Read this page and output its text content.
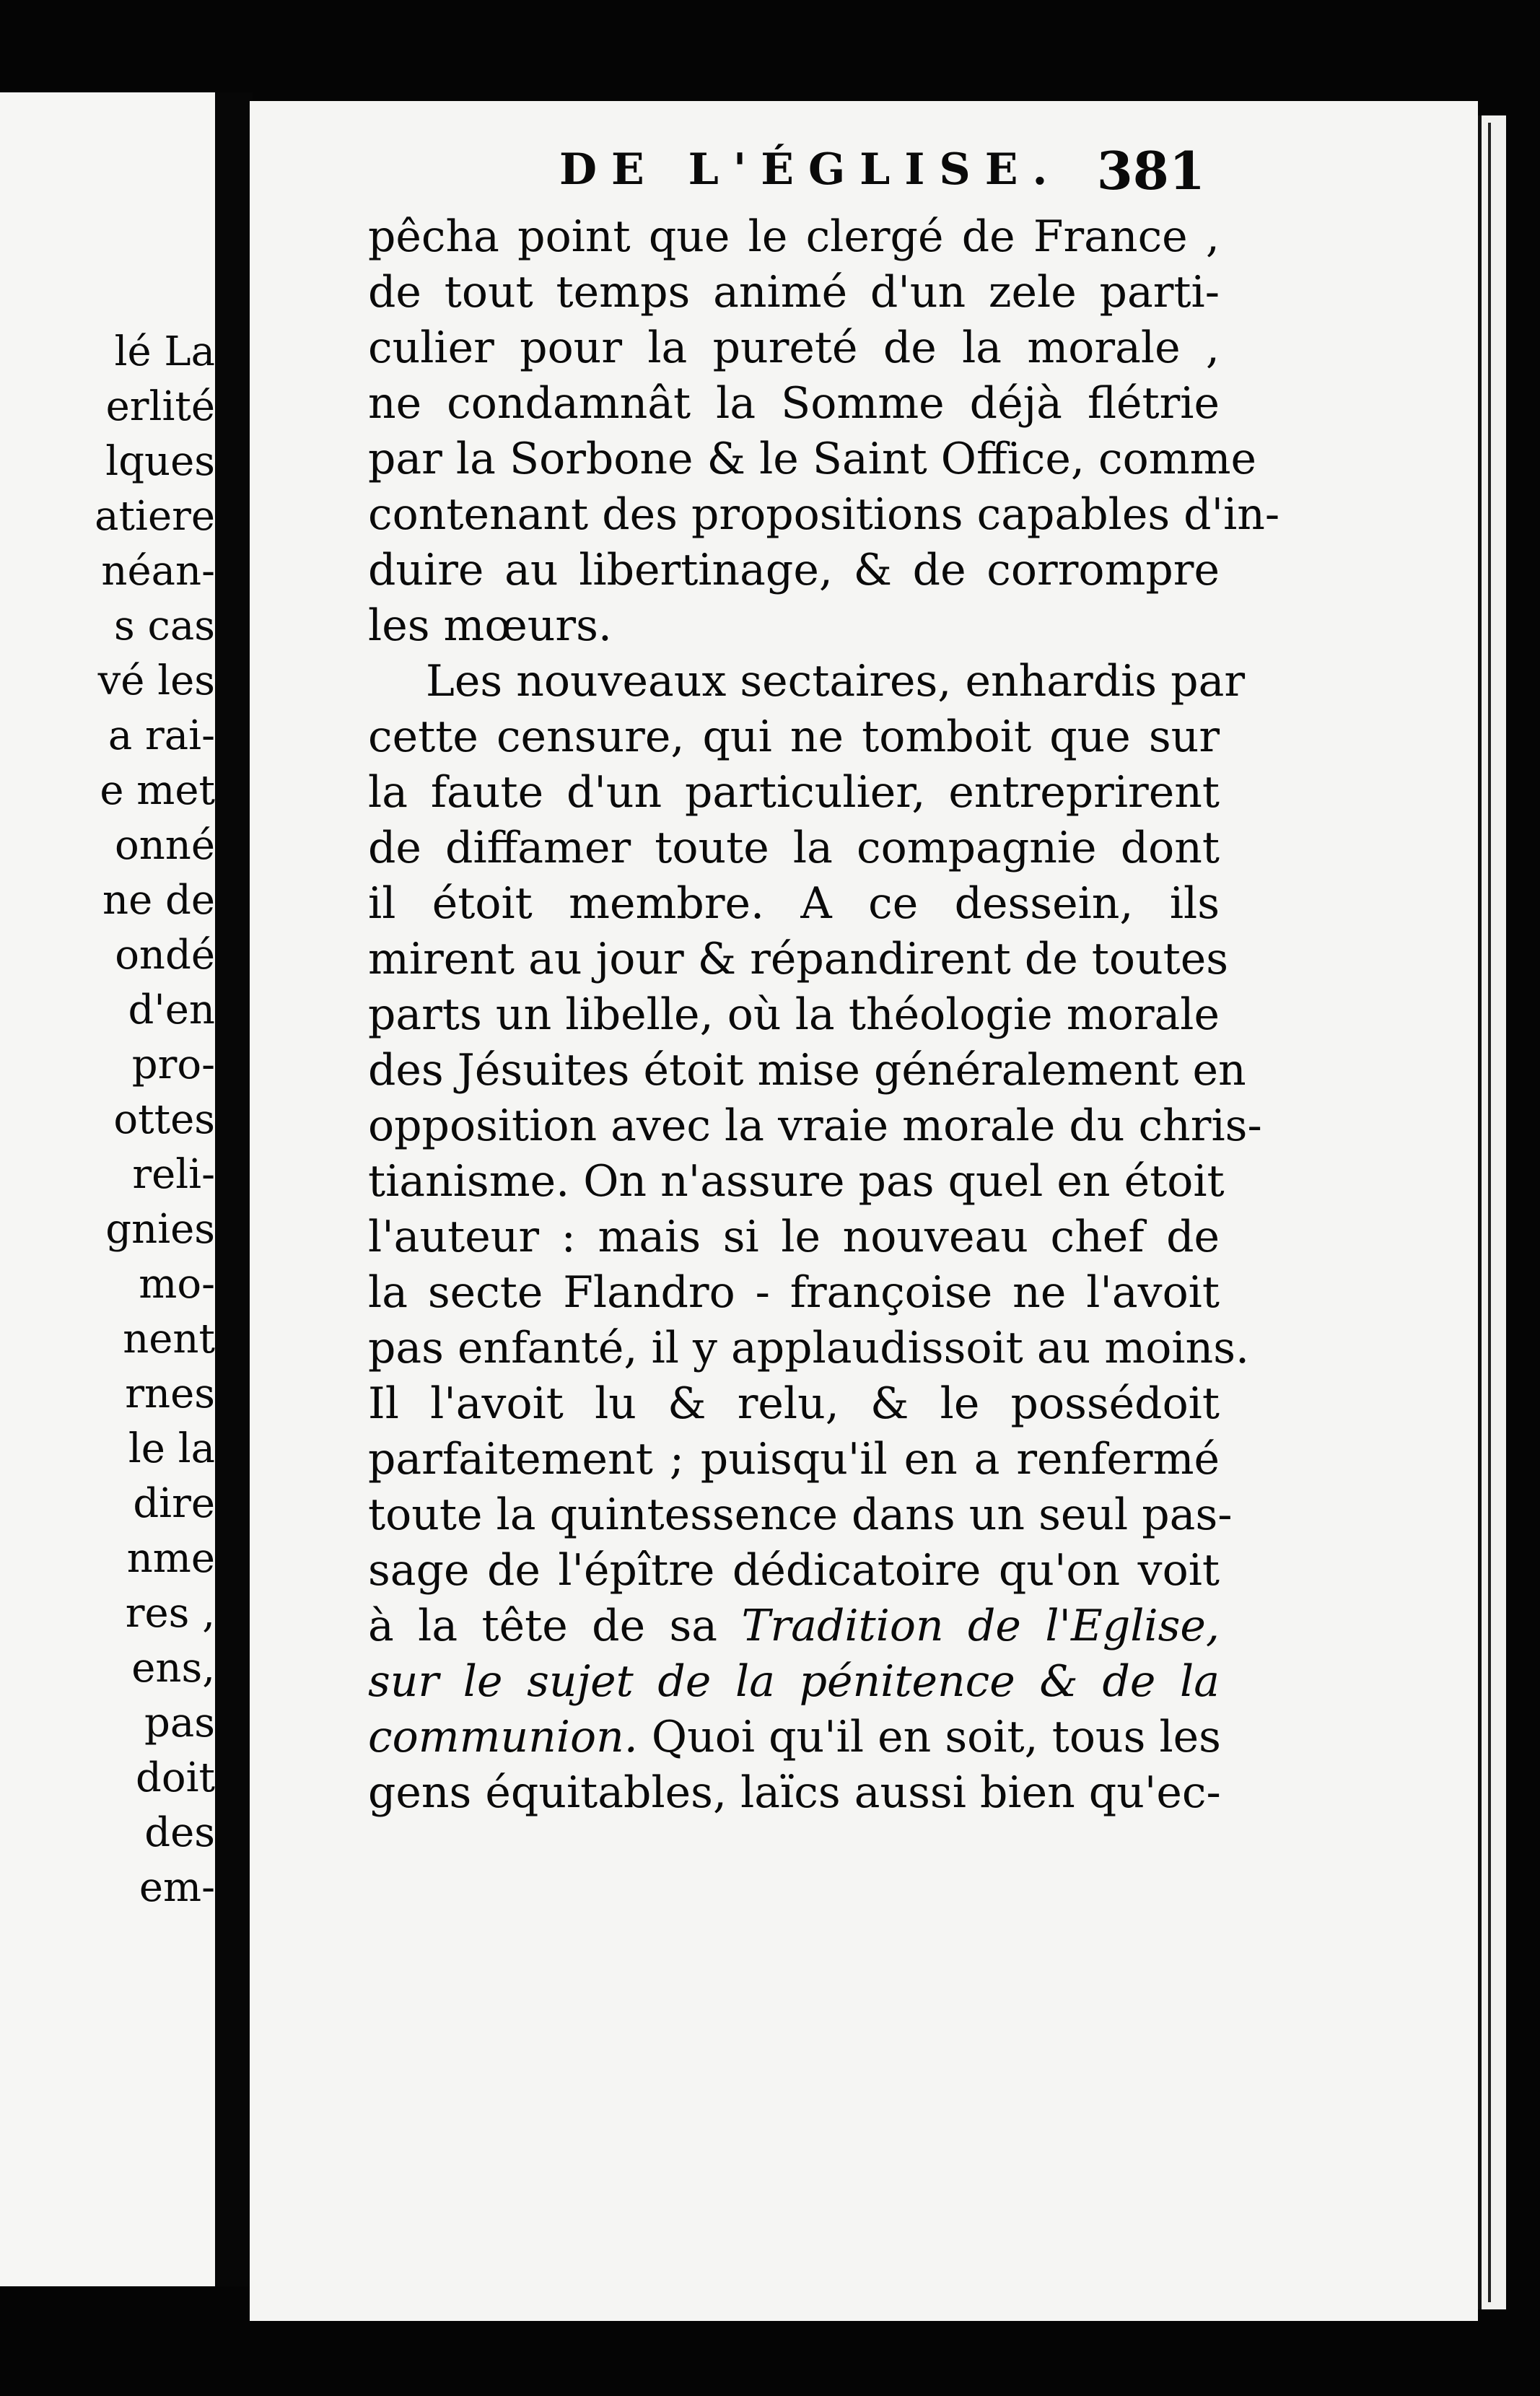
lé La
erlité
lques
atiere
néan-
s cas
vé les
a rai-
e met
onné
ne de
ondé
d'en
pro-
ottes
reli-
gnies
mo-
nent
rnes
le la
dire
nme
res ,
ens,
pas
doit
des
em-
DE L'ÉGLISE. 381
pêcha point que le clergé de France ,
de tout temps animé d'un zele parti-
culier pour la pureté de la morale ,
ne condamnât la Somme déjà flétrie
par la Sorbone & le Saint Office, comme
contenant des propositions capables d'in-
duire au libertinage, & de corrompre
les mœurs.
Les nouveaux sectaires, enhardis par
cette censure, qui ne tomboit que sur
la faute d'un particulier, entreprirent
de diffamer toute la compagnie dont
il étoit membre. A ce dessein, ils
mirent au jour & répandirent de toutes
parts un libelle, où la théologie morale
des Jésuites étoit mise généralement en
opposition avec la vraie morale du chris-
tianisme. On n'assure pas quel en étoit
l'auteur : mais si le nouveau chef de
la secte Flandro - françoise ne l'avoit
pas enfanté, il y applaudissoit au moins.
Il l'avoit lu & relu, & le possédoit
parfaitement ; puisqu'il en a renfermé
toute la quintessence dans un seul pas-
sage de l'épître dédicatoire qu'on voit
à la tête de sa Tradition de l'Eglise,
sur le sujet de la pénitence & de la
communion. Quoi qu'il en soit, tous les
gens équitables, laïcs aussi bien qu'ec-
